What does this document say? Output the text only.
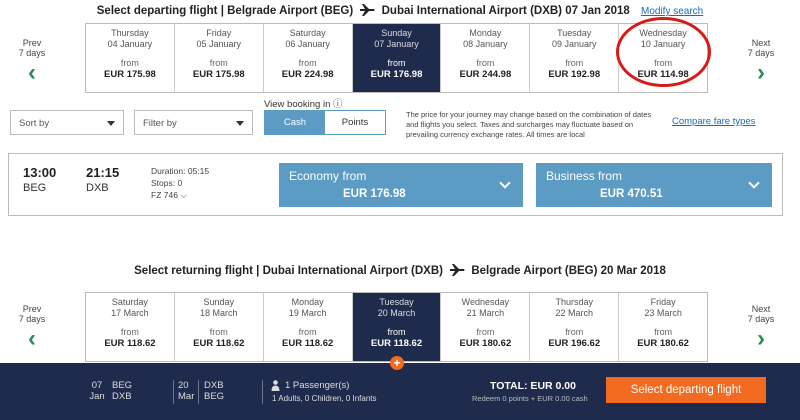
Select departing flight | Belgrade Airport (BEG) Dubai International Airport (DXB) 07 Jan 2018 Modify search
Prev
7 days
‹
Next
7 days
›
Thursday
04 January
from
EUR 175.98
Friday
05 January
from
EUR 175.98
Saturday
06 January
from
EUR 224.98
Sunday
07 January
from
EUR 176.98
Monday
08 January
from
EUR 244.98
Tuesday
09 January
from
EUR 192.98
Wednesday
10 January
from
EUR 114.98
Sort by	Filter by
View booking in ⓘ
Cash	Points
The price for your journey may change based on the combination of dates and flights you select. Taxes and surcharges may fluctuate based on prevailing currency exchange rates. All times are local
Compare fare types
13:00
BEG
21:15
DXB
Duration: 05:15
Stops: 0
FZ 746 ⌵
Economy from
EUR 176.98
Business from
EUR 470.51
Select returning flight | Dubai International Airport (DXB) Belgrade Airport (BEG) 20 Mar 2018
Prev
7 days
‹
Next
7 days
›
Saturday
17 March
from
EUR 118.62
Sunday
18 March
from
EUR 118.62
Monday
19 March
from
EUR 118.62
Tuesday
20 March
from
EUR 118.62
Wednesday
21 March
from
EUR 180.62
Thursday
22 March
from
EUR 196.62
Friday
23 March
from
EUR 180.62
+
07
Jan
BEG
DXB
20
Mar
DXB
BEG
1 Passenger(s)
1 Adults, 0 Children, 0 Infants
TOTAL: EUR 0.00
Redeem 0 points + EUR 0.00 cash
Select departing flight
